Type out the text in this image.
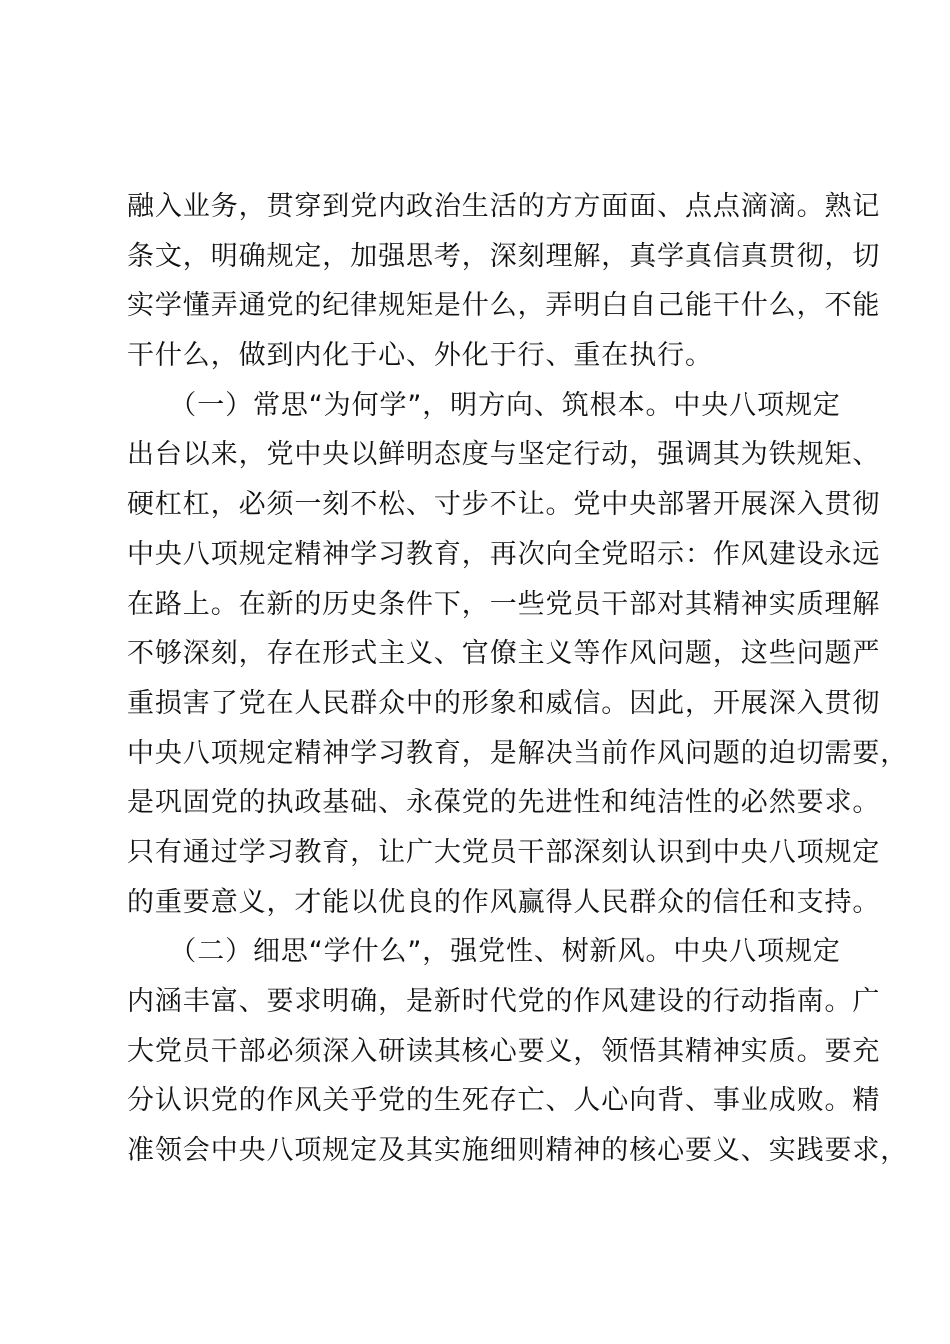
融入业务，贯穿到党内政治生活的方方面面、点点滴滴。熟记
条文，明确规定，加强思考，深刻理解，真学真信真贯彻，切
实学懂弄通党的纪律规矩是什么，弄明白自己能干什么，不能
干什么，做到内化于心、外化于行、重在执行。
　　（一）常思“为何学”，明方向、筑根本。中央八项规定
出台以来，党中央以鲜明态度与坚定行动，强调其为铁规矩、
硬杠杠，必须一刻不松、寸步不让。党中央部署开展深入贯彻
中央八项规定精神学习教育，再次向全党昭示：作风建设永远
在路上。在新的历史条件下，一些党员干部对其精神实质理解
不够深刻，存在形式主义、官僚主义等作风问题，这些问题严
重损害了党在人民群众中的形象和威信。因此，开展深入贯彻
中央八项规定精神学习教育，是解决当前作风问题的迫切需要，
是巩固党的执政基础、永葆党的先进性和纯洁性的必然要求。
只有通过学习教育，让广大党员干部深刻认识到中央八项规定
的重要意义，才能以优良的作风赢得人民群众的信任和支持。
　　（二）细思“学什么”，强党性、树新风。中央八项规定
内涵丰富、要求明确，是新时代党的作风建设的行动指南。广
大党员干部必须深入研读其核心要义，领悟其精神实质。要充
分认识党的作风关乎党的生死存亡、人心向背、事业成败。精
准领会中央八项规定及其实施细则精神的核心要义、实践要求，
